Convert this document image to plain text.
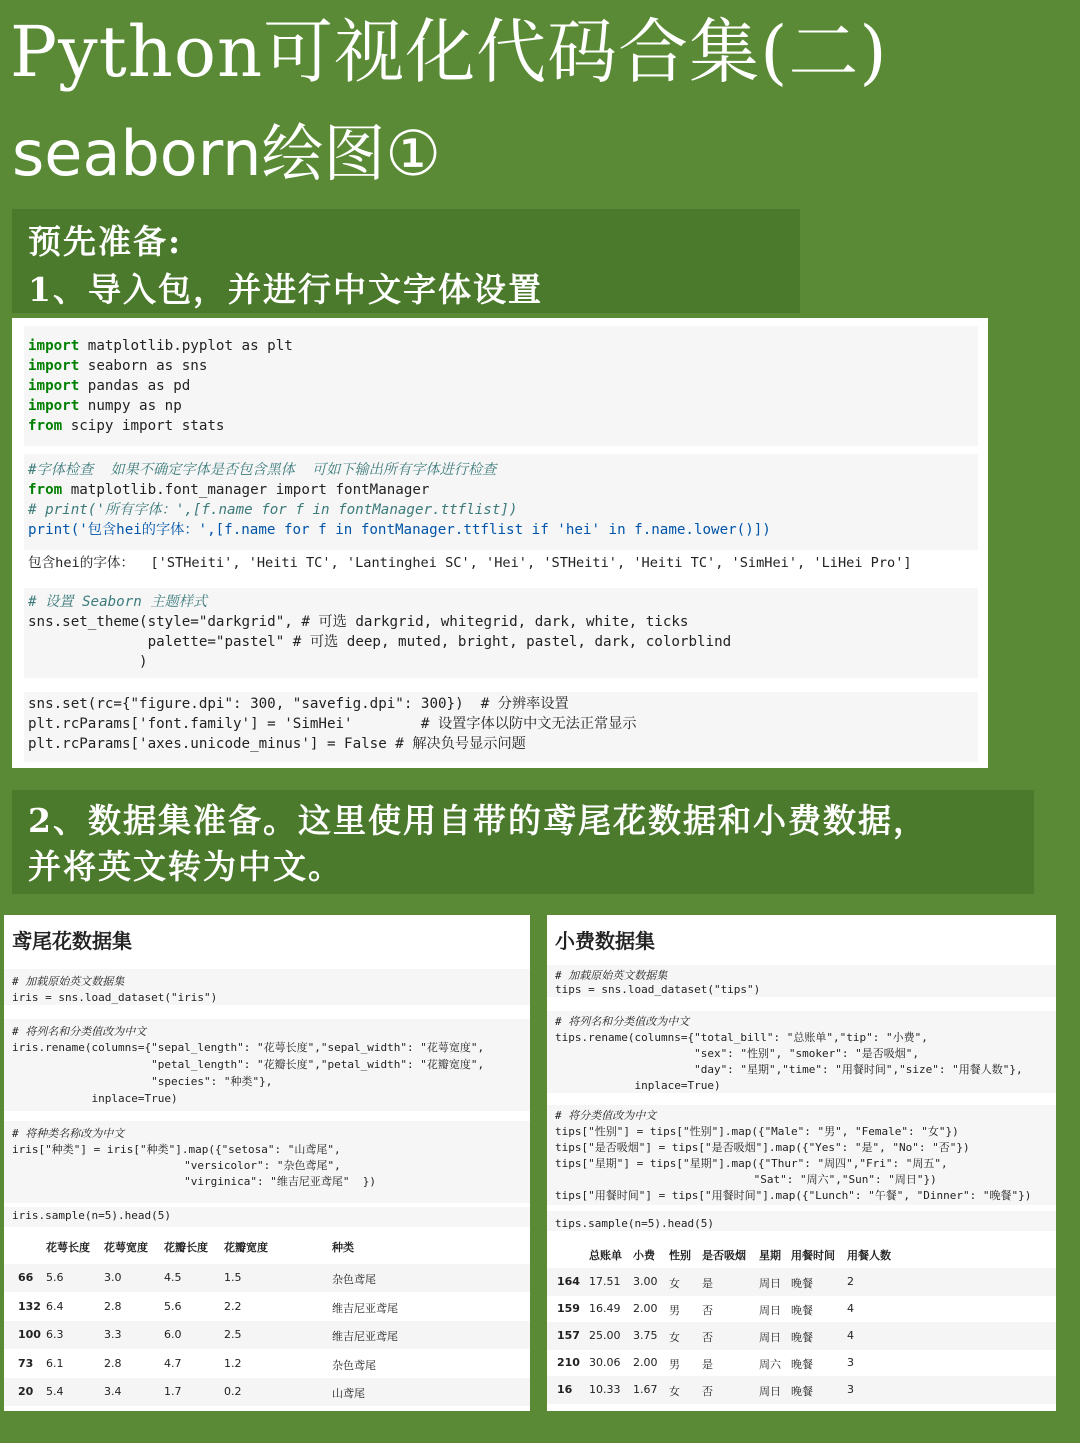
Python可视化代码合集(二)
seaborn绘图①
预先准备:
1、导入包，并进行中文字体设置
import matplotlib.pyplot as plt
import seaborn as sns
import pandas as pd
import numpy as np
from scipy import stats
#字体检查  如果不确定字体是否包含黑体  可如下输出所有字体进行检查
from matplotlib.font_manager import fontManager
# print('所有字体：',[f.name for f in fontManager.ttflist])
print('包含hei的字体：',[f.name for f in fontManager.ttflist if 'hei' in f.name.lower()])
包含hei的字体：  ['STHeiti', 'Heiti TC', 'Lantinghei SC', 'Hei', 'STHeiti', 'Heiti TC', 'SimHei', 'LiHei Pro']
# 设置 Seaborn 主题样式
sns.set_theme(style="darkgrid", # 可选 darkgrid, whitegrid, dark, white, ticks
palette="pastel" # 可选 deep, muted, bright, pastel, dark, colorblind
)
sns.set(rc={"figure.dpi": 300, "savefig.dpi": 300})  # 分辨率设置
plt.rcParams['font.family'] = 'SimHei'        # 设置字体以防中文无法正常显示
plt.rcParams['axes.unicode_minus'] = False # 解决负号显示问题
2、数据集准备。这里使用自带的鸢尾花数据和小费数据，
并将英文转为中文。
鸢尾花数据集
# 加载原始英文数据集
iris = sns.load_dataset("iris")
# 将列名和分类值改为中文
iris.rename(columns={"sepal_length": "花萼长度","sepal_width": "花萼宽度",
"petal_length": "花瓣长度","petal_width": "花瓣宽度",
"species": "种类"},
inplace=True)
# 将种类名称改为中文
iris["种类"] = iris["种类"].map({"setosa": "山鸢尾",
"versicolor": "杂色鸢尾",
"virginica": "维吉尼亚鸢尾"  })
iris.sample(n=5).head(5)
花萼长度 花萼宽度 花瓣长度 花瓣宽度	种类
66 5.6	3.0	4.5	1.5	杂色鸢尾
132 6.4	2.8	5.6	2.2	维吉尼亚鸢尾
100 6.3	3.3	6.0	2.5	维吉尼亚鸢尾
73 6.1	2.8	4.7	1.2	杂色鸢尾
20 5.4	3.4	1.7	0.2	山鸢尾
小费数据集
# 加载原始英文数据集
tips = sns.load_dataset("tips")
# 将列名和分类值改为中文
tips.rename(columns={"total_bill": "总账单","tip": "小费",
"sex": "性别", "smoker": "是否吸烟",
"day": "星期","time": "用餐时间","size": "用餐人数"},
inplace=True)
# 将分类值改为中文
tips["性别"] = tips["性别"].map({"Male": "男", "Female": "女"})
tips["是否吸烟"] = tips["是否吸烟"].map({"Yes": "是", "No": "否"})
tips["星期"] = tips["星期"].map({"Thur": "周四","Fri": "周五",
"Sat": "周六","Sun": "周日"})
tips["用餐时间"] = tips["用餐时间"].map({"Lunch": "午餐", "Dinner": "晚餐"})
tips.sample(n=5).head(5)
总账单 小费 性别 是否吸烟 星期 用餐时间 用餐人数
164 17.51 3.00 女 是	周日 晚餐	2
159 16.49 2.00 男 否	周日 晚餐	4
157 25.00 3.75 女 否	周日 晚餐	4
210 30.06 2.00 男 是	周六 晚餐	3
16 10.33 1.67 女 否	周日 晚餐	3
